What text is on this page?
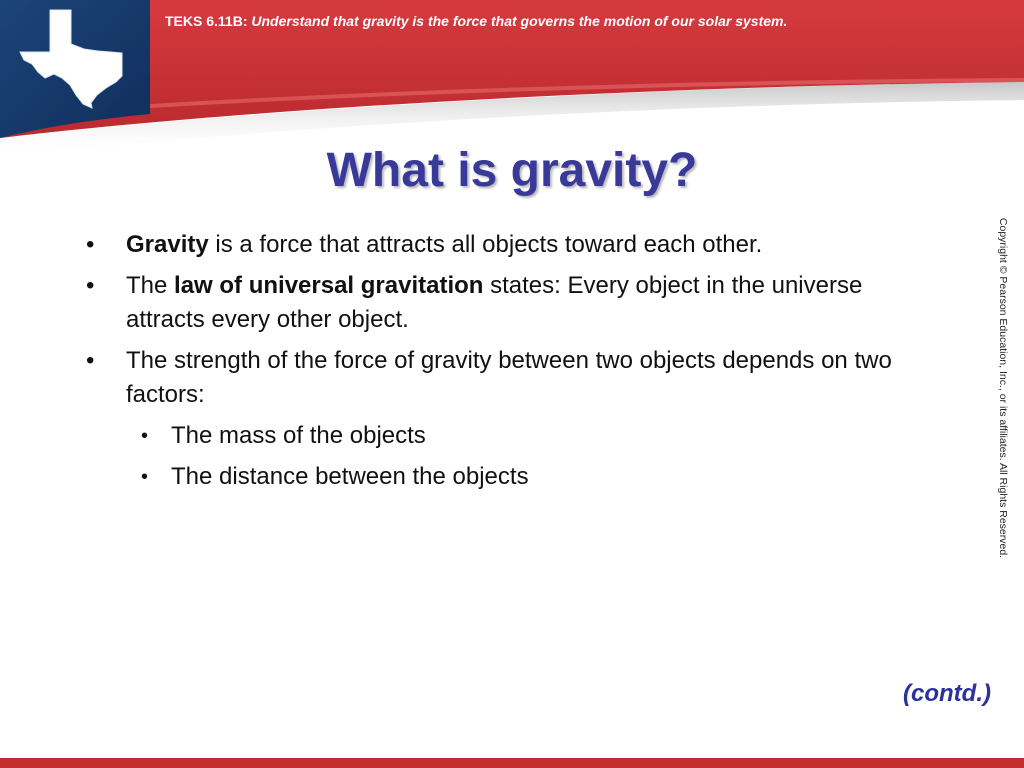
TEKS 6.11B: Understand that gravity is the force that governs the motion of our solar system.
What is gravity?
• Gravity is a force that attracts all objects toward each other.
• The law of universal gravitation states: Every object in the universe attracts every other object.
• The strength of the force of gravity between two objects depends on two factors:
• The mass of the objects
• The distance between the objects	Copyright © Pearson Education, Inc., or its affiliates. All Rights Reserved.
(contd.)
